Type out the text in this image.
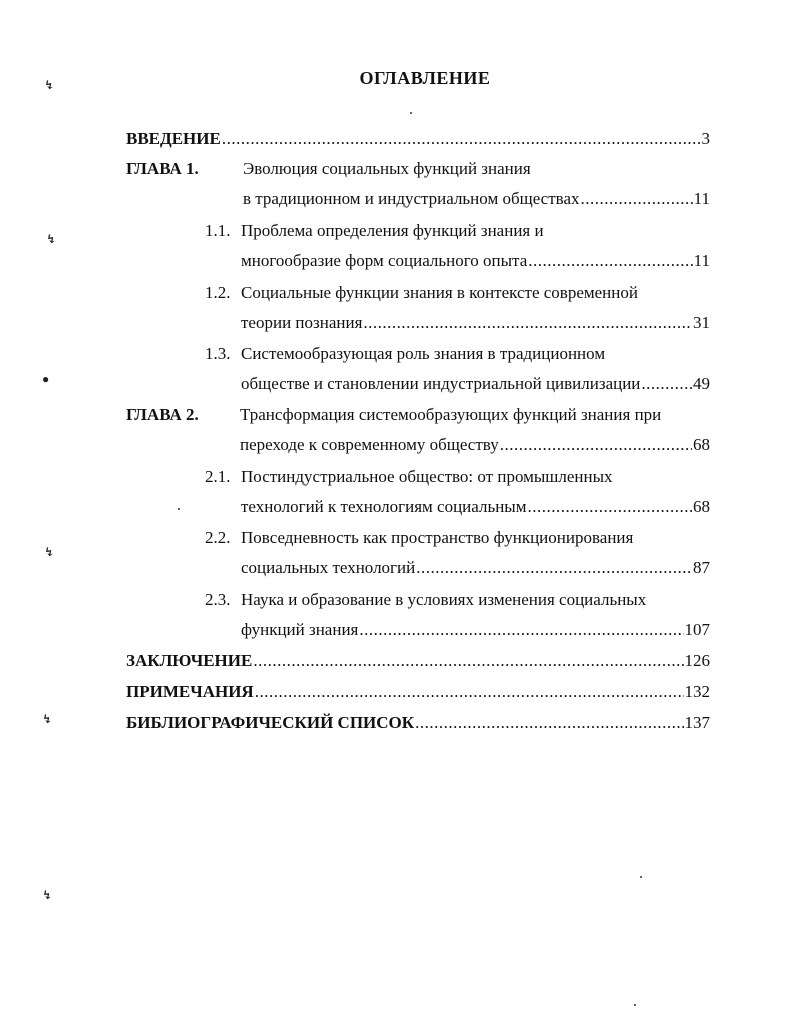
ОГЛАВЛЕНИЕ
ВВЕДЕНИЕ .....	3
ГЛАВА 1.	Эволюция социальных функций знания
в традиционном и индустриальном обществах .....	11
1.1. Проблема определения функций знания и
многообразие форм социального опыта .....	11
1.2. Социальные функции знания в контексте современной
теории познания .....	31
1.3. Системообразующая роль знания в традиционном
обществе и становлении индустриальной цивилизации .....	49
ГЛАВА 2. Трансформация системообразующих функций знания при
переходе к современному обществу .....	68
2.1. Постиндустриальное общество: от промышленных
технологий к технологиям социальным .....	68
2.2. Повседневность как пространство функционирования
социальных технологий .....	87
2.3. Наука и образование в условиях изменения социальных
функций знания .....	107
ЗАКЛЮЧЕНИЕ .....	126
ПРИМЕЧАНИЯ .....	132
БИБЛИОГРАФИЧЕСКИЙ СПИСОК .....	137
↯
↯
●
↯
↯
↯
